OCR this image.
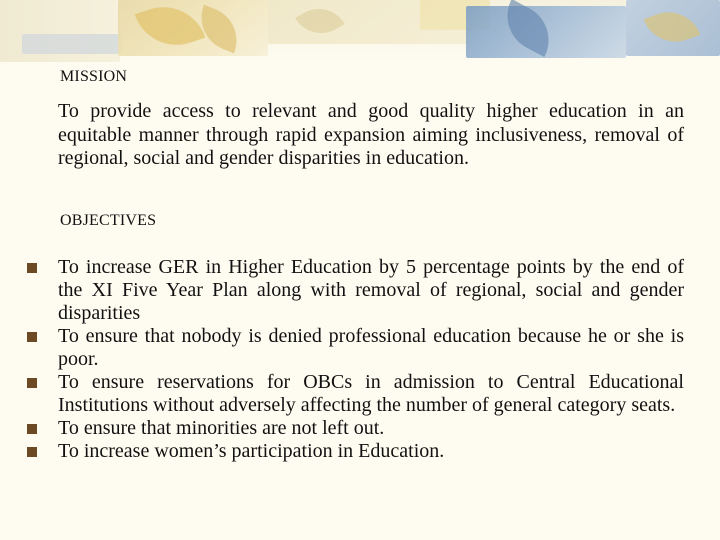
MISSION
To provide access to relevant and good quality higher education in an equitable manner through rapid expansion aiming inclusiveness, removal of regional, social and gender disparities in education.
OBJECTIVES
To increase GER in Higher Education by 5 percentage points by the end of the XI Five Year Plan along with removal of regional, social and gender disparities
To ensure that nobody is denied professional education because he or she is poor.
To ensure reservations for OBCs in admission to Central Educational Institutions without adversely affecting the number of general category seats.
To ensure that minorities are not left out.
To increase women’s participation in Education.
